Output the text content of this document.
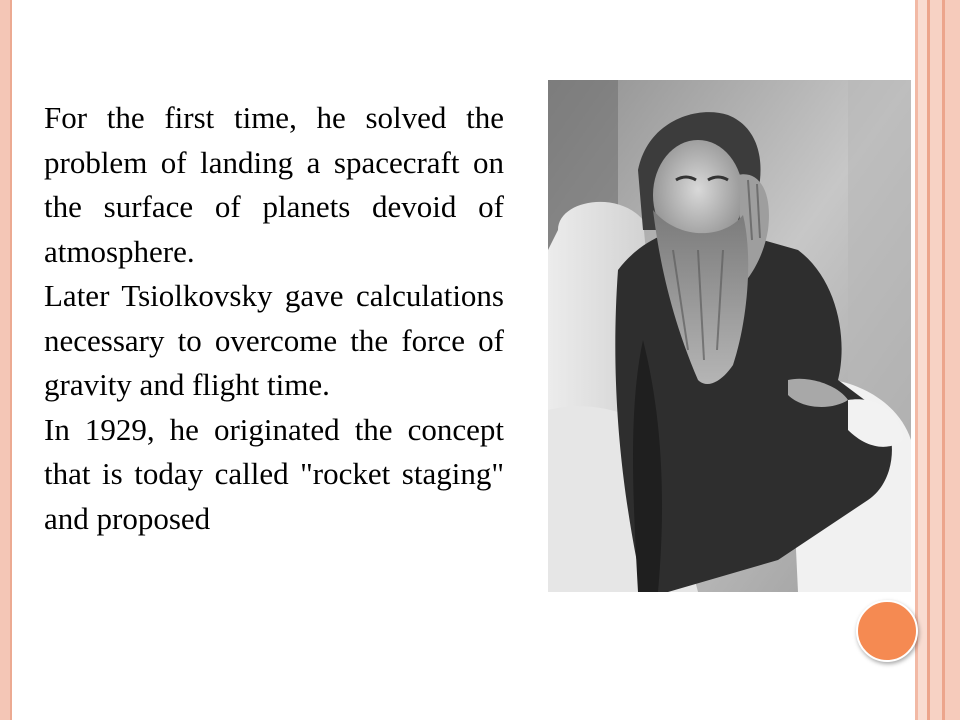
For the first time, he solved the problem of landing a spacecraft on the surface of planets devoid of atmosphere.

Later Tsiolkovsky gave calculations necessary to overcome the force of gravity and flight time.

In 1929, he originated the concept that is today called "rocket staging" and proposed
